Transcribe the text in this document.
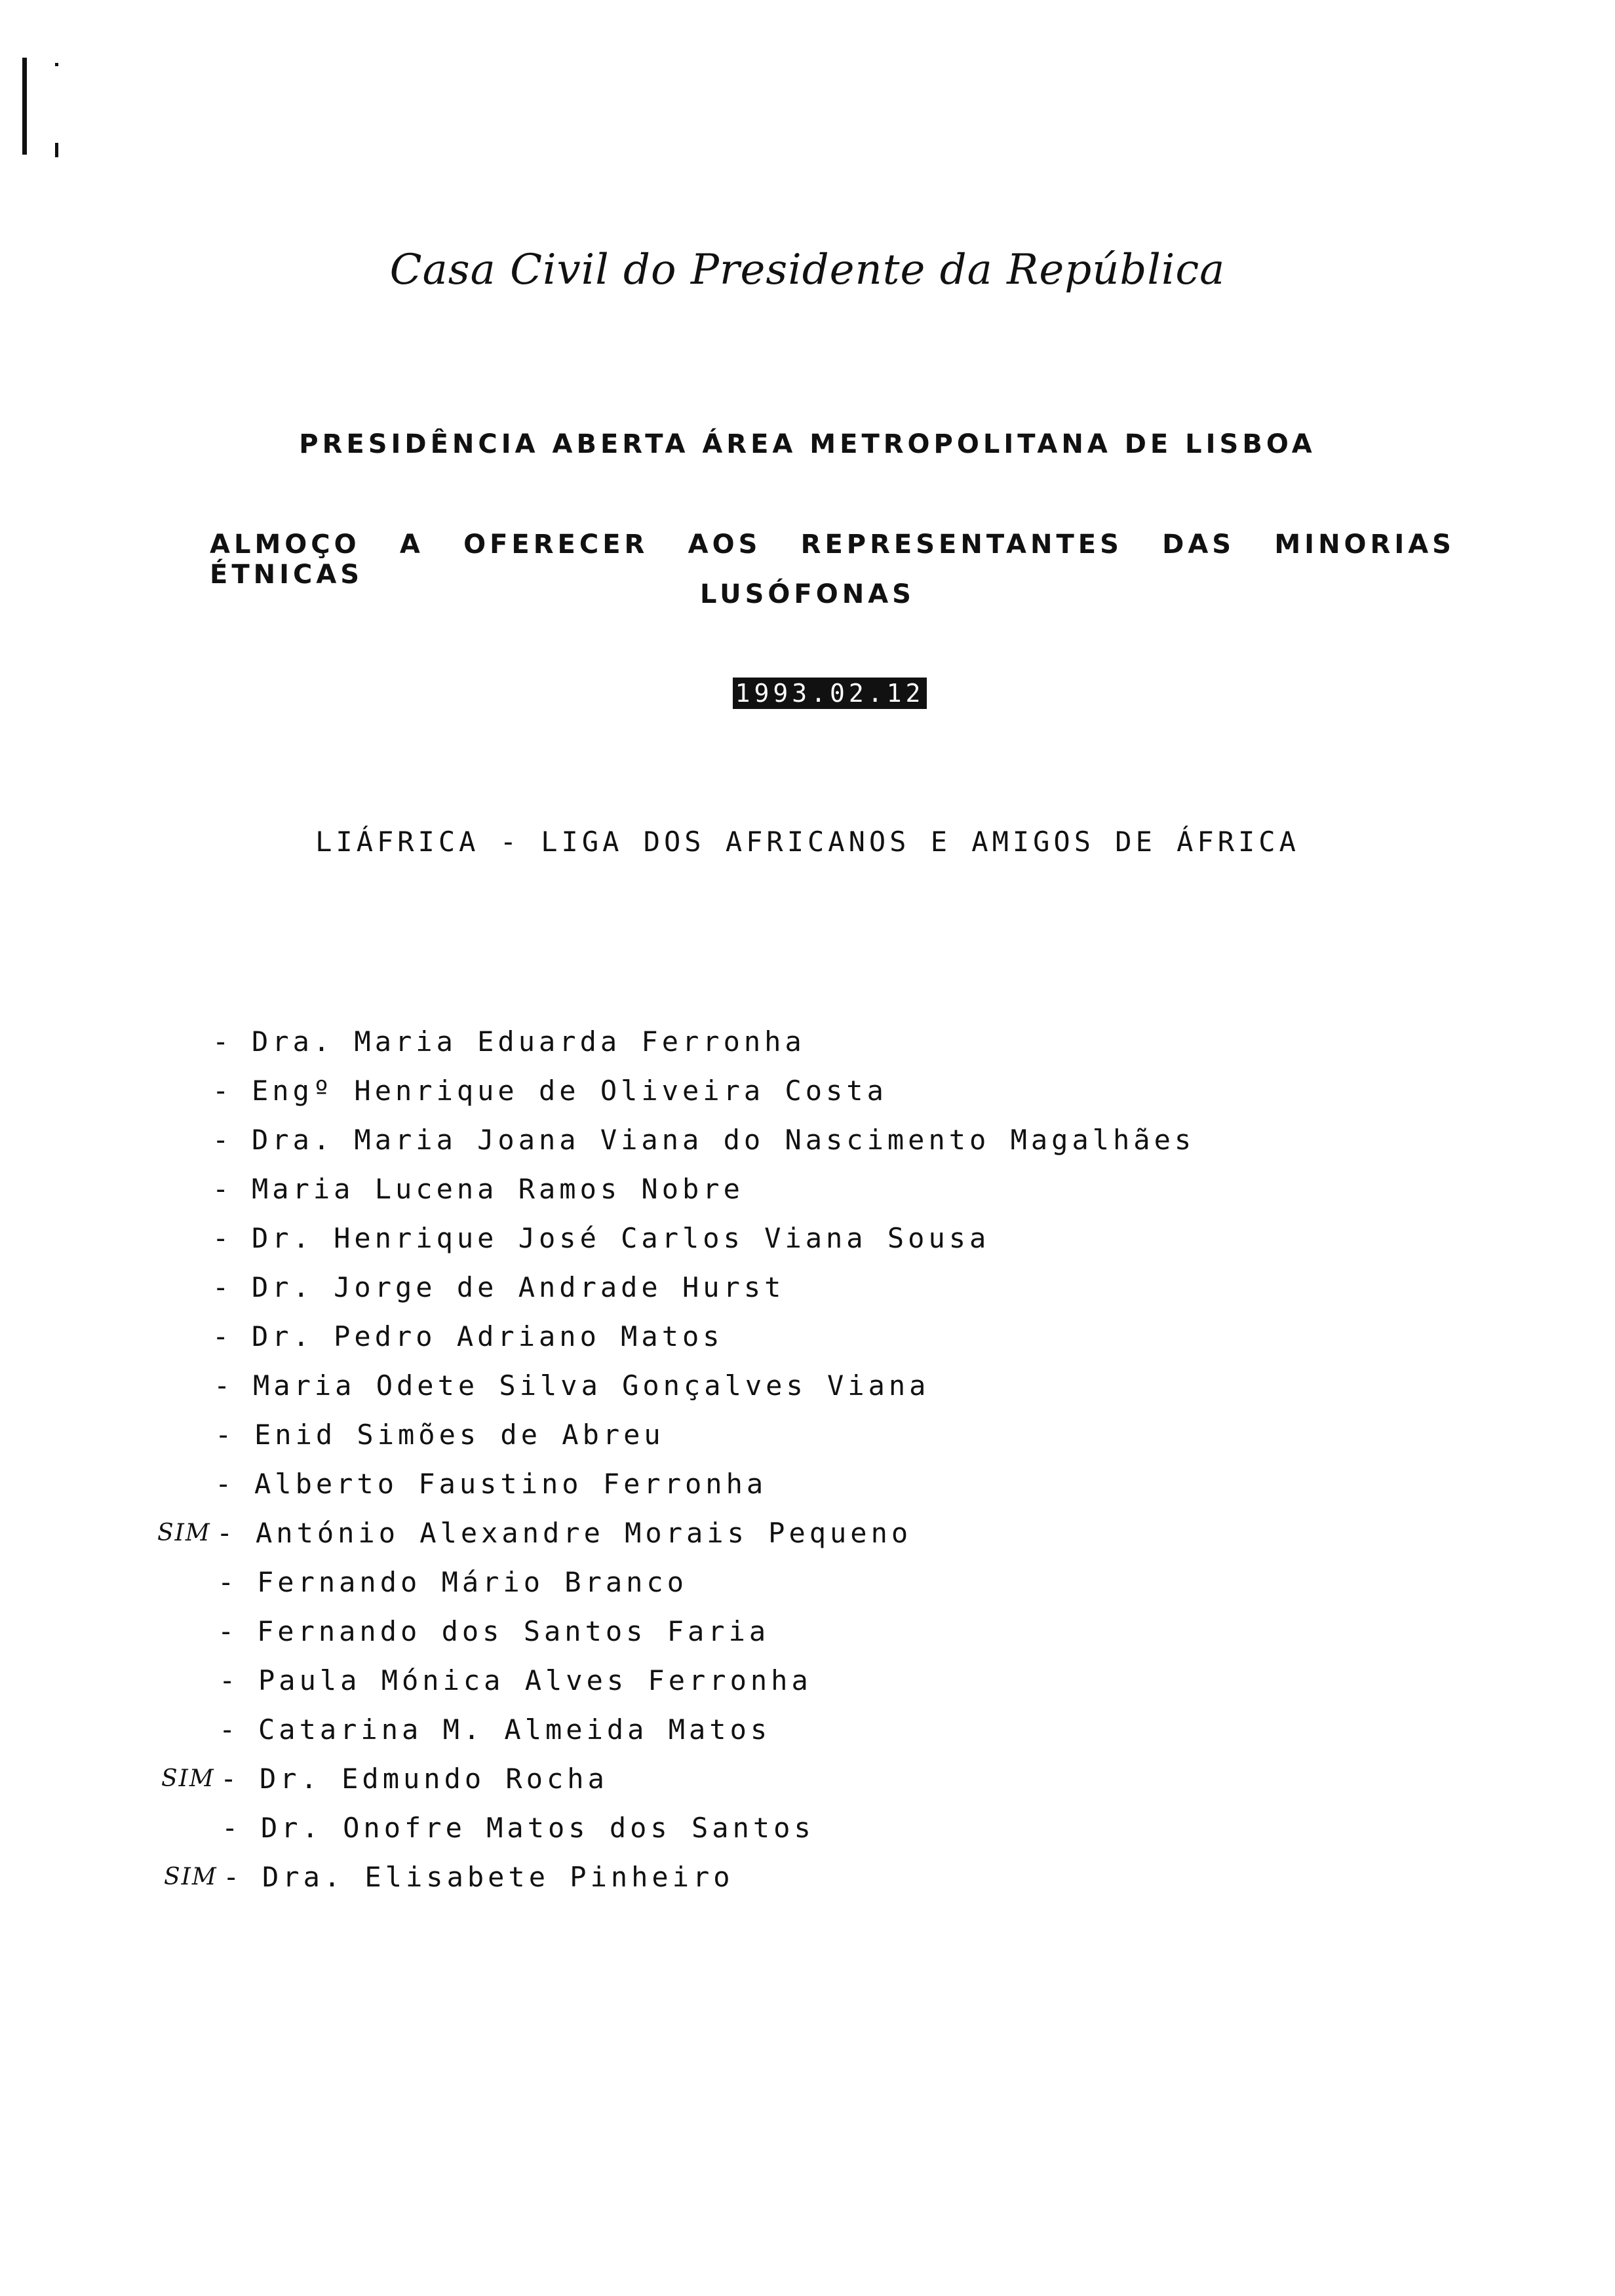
Casa Civil do Presidente da República
PRESIDÊNCIA ABERTA ÁREA METROPOLITANA DE LISBOA
ALMOÇO A OFERECER AOS REPRESENTANTES DAS MINORIAS ÉTNICAS
LUSÓFONAS
1993.02.12
LIÁFRICA - LIGA DOS AFRICANOS E AMIGOS DE ÁFRICA
- Dra. Maria Eduarda Ferronha
- Engº Henrique de Oliveira Costa
- Dra. Maria Joana Viana do Nascimento Magalhães
- Maria Lucena Ramos Nobre
- Dr. Henrique José Carlos Viana Sousa
- Dr. Jorge de Andrade Hurst
- Dr. Pedro Adriano Matos
- Maria Odete Silva Gonçalves Viana
- Enid Simões de Abreu
- Alberto Faustino Ferronha
SIM - António Alexandre Morais Pequeno
- Fernando Mário Branco
- Fernando dos Santos Faria
- Paula Mónica Alves Ferronha
- Catarina M. Almeida Matos
SIM - Dr. Edmundo Rocha
- Dr. Onofre Matos dos Santos
SIM - Dra. Elisabete Pinheiro
